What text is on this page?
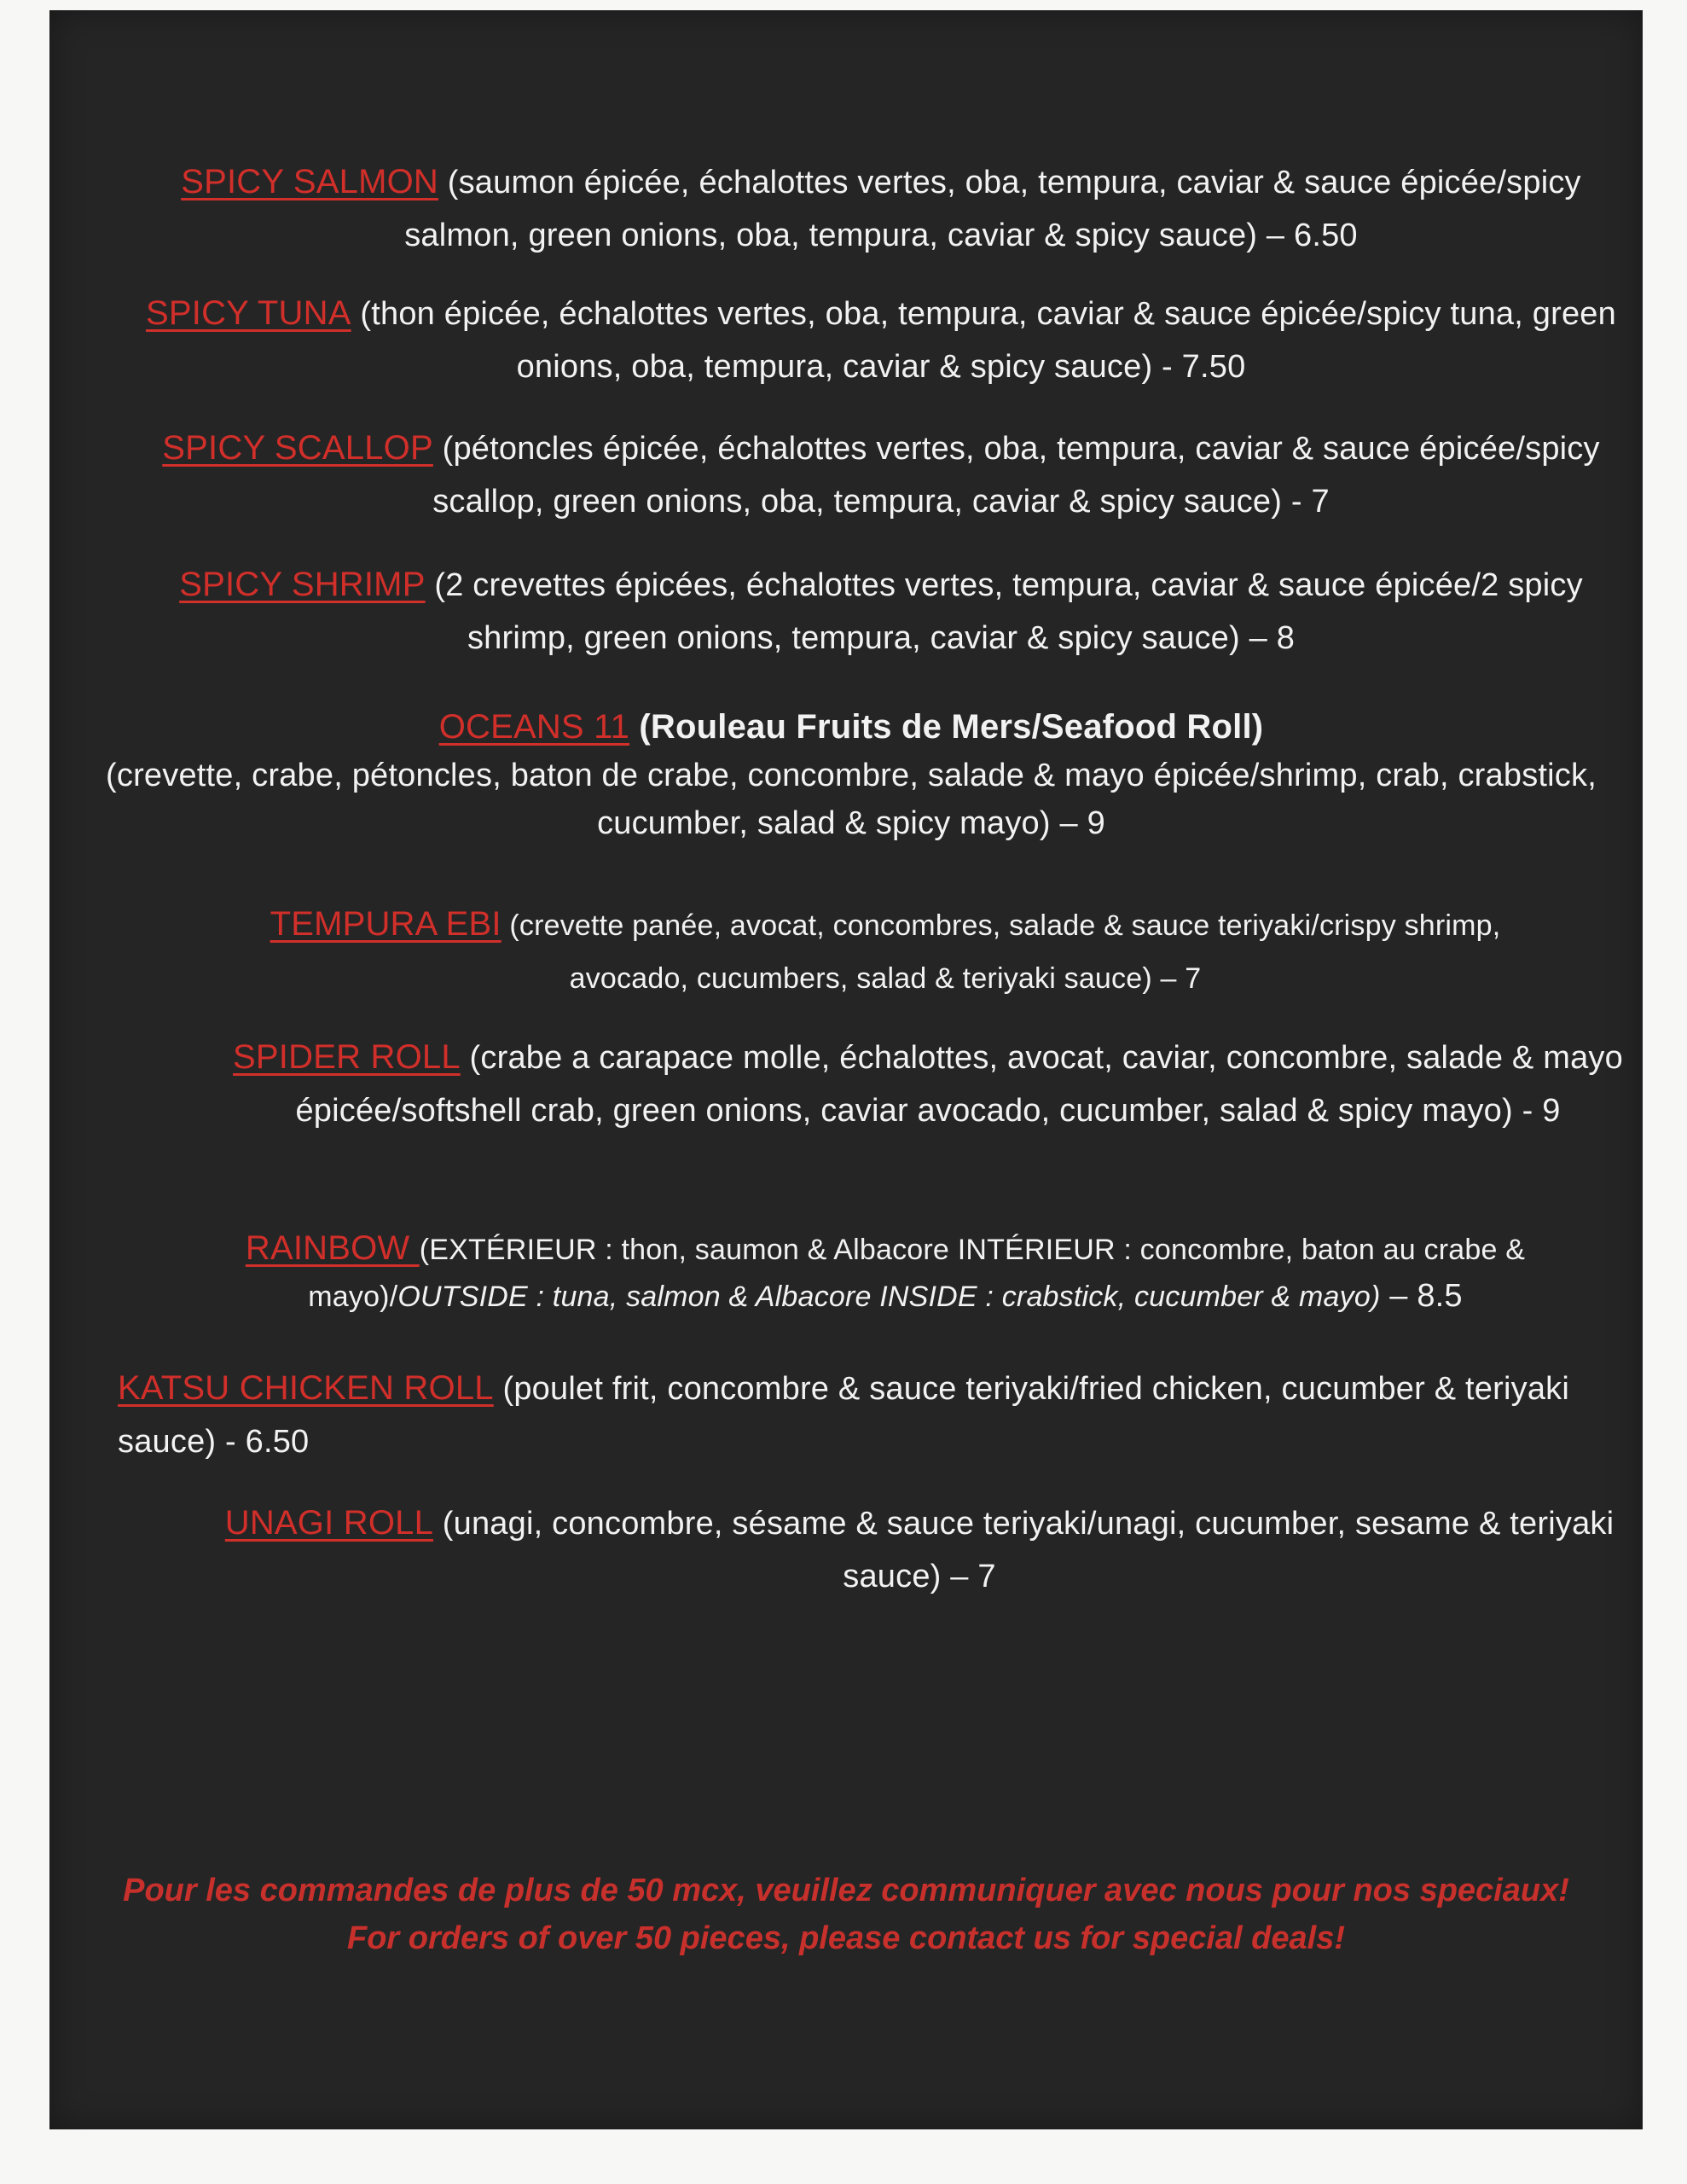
SPICY SALMON (saumon épicée, échalottes vertes, oba, tempura, caviar & sauce épicée/spicy salmon, green onions, oba, tempura, caviar & spicy sauce) – 6.50
SPICY TUNA (thon épicée, échalottes vertes, oba, tempura, caviar & sauce épicée/spicy tuna, green onions, oba, tempura, caviar & spicy sauce) - 7.50
SPICY SCALLOP (pétoncles épicée, échalottes vertes, oba, tempura, caviar & sauce épicée/spicy scallop, green onions, oba, tempura, caviar & spicy sauce) - 7
SPICY SHRIMP (2 crevettes épicées, échalottes vertes, tempura, caviar & sauce épicée/2 spicy shrimp, green onions, tempura, caviar & spicy sauce) – 8
OCEANS 11 (Rouleau Fruits de Mers/Seafood Roll)
(crevette, crabe, pétoncles, baton de crabe, concombre, salade & mayo épicée/shrimp, crab, crabstick, cucumber, salad & spicy mayo) – 9
TEMPURA EBI (crevette panée, avocat, concombres, salade & sauce teriyaki/crispy shrimp, avocado, cucumbers, salad & teriyaki sauce) – 7
SPIDER ROLL (crabe a carapace molle, échalottes, avocat, caviar, concombre, salade & mayo épicée/softshell crab, green onions, caviar avocado, cucumber, salad & spicy mayo) - 9
RAINBOW (EXTÉRIEUR : thon, saumon & Albacore INTÉRIEUR : concombre, baton au crabe & mayo)/OUTSIDE : tuna, salmon & Albacore INSIDE : crabstick, cucumber & mayo) – 8.5
KATSU CHICKEN ROLL (poulet frit, concombre & sauce teriyaki/fried chicken, cucumber & teriyaki sauce) - 6.50
UNAGI ROLL (unagi, concombre, sésame & sauce teriyaki/unagi, cucumber, sesame & teriyaki sauce) – 7
Pour les commandes de plus de 50 mcx, veuillez communiquer avec nous pour nos speciaux!
For orders of over 50 pieces, please contact us for special deals!
